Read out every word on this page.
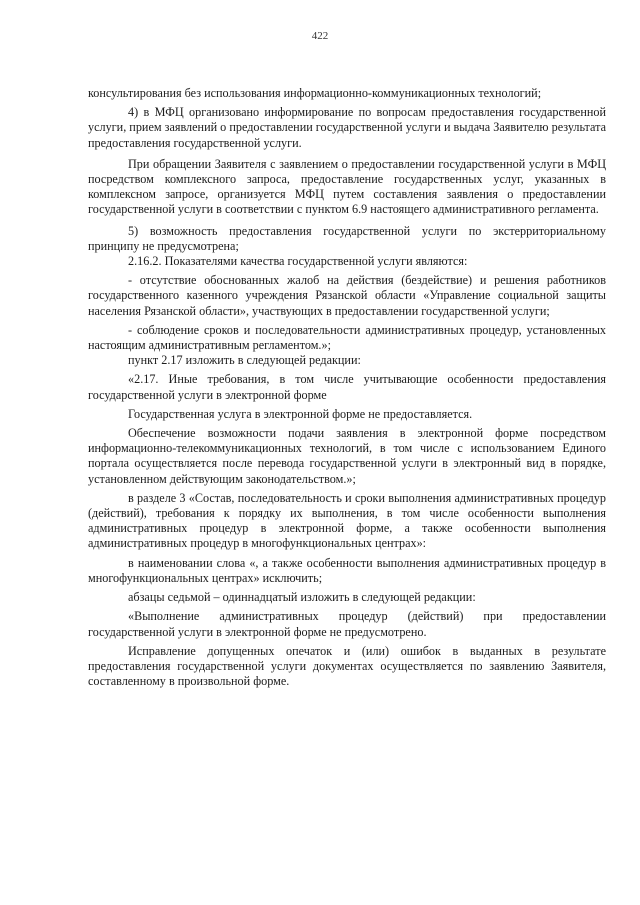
422

консультирования без использования информационно-коммуникационных технологий;

4) в МФЦ организовано информирование по вопросам предоставления государственной услуги, прием заявлений о предоставлении государственной услуги и выдача Заявителю результата предоставления государственной услуги.

При обращении Заявителя с заявлением о предоставлении государственной услуги в МФЦ посредством комплексного запроса, предоставление государственных услуг, указанных в комплексном запросе, организуется МФЦ путем составления заявления о предоставлении государственной услуги в соответствии с пунктом 6.9 настоящего административного регламента.

5) возможность предоставления государственной услуги по экстерриториальному принципу не предусмотрена;

2.16.2. Показателями качества государственной услуги являются:

- отсутствие обоснованных жалоб на действия (бездействие) и решения работников государственного казенного учреждения Рязанской области «Управление социальной защиты населения Рязанской области», участвующих в предоставлении государственной услуги;

- соблюдение сроков и последовательности административных процедур, установленных настоящим административным регламентом.»;

пункт 2.17 изложить в следующей редакции:

«2.17. Иные требования, в том числе учитывающие особенности предоставления государственной услуги в электронной форме

Государственная услуга в электронной форме не предоставляется.

Обеспечение возможности подачи заявления в электронной форме посредством информационно-телекоммуникационных технологий, в том числе с использованием Единого портала осуществляется после перевода государственной услуги в электронный вид в порядке, установленном действующим законодательством.»;

в разделе 3 «Состав, последовательность и сроки выполнения административных процедур (действий), требования к порядку их выполнения, в том числе особенности выполнения административных процедур в электронной форме, а также особенности выполнения административных процедур в многофункциональных центрах»:

в наименовании слова «, а также особенности выполнения административных процедур в многофункциональных центрах» исключить;

абзацы седьмой – одиннадцатый изложить в следующей редакции:

«Выполнение административных процедур (действий) при предоставлении государственной услуги в электронной форме не предусмотрено.

Исправление допущенных опечаток и (или) ошибок в выданных в результате предоставления государственной услуги документах осуществляется по заявлению Заявителя, составленному в произвольной форме.
